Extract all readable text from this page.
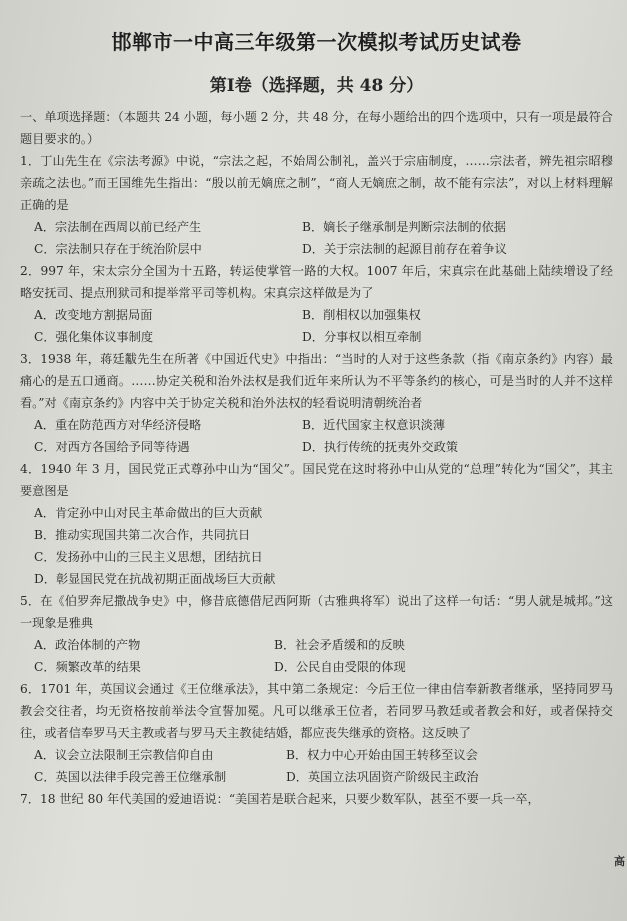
邯郸市一中高三年级第一次模拟考试历史试卷
第Ⅰ卷（选择题，共 48 分）

一、单项选择题：（本题共 24 小题，每小题 2 分，共 48 分，在每小题给出的四个选项中，只有一项是最符合题目要求的。）

1．丁山先生在《宗法考源》中说，“宗法之起，不始周公制礼，盖兴于宗庙制度，……宗法者，辨先祖宗昭穆亲疏之法也。”而王国维先生指出：“殷以前无嫡庶之制”，“商人无嫡庶之制，故不能有宗法”，对以上材料理解正确的是

A．宗法制在西周以前已经产生	B．嫡长子继承制是判断宗法制的依据
C．宗法制只存在于统治阶层中	D．关于宗法制的起源目前存在着争议

2．997 年，宋太宗分全国为十五路，转运使掌管一路的大权。1007 年后，宋真宗在此基础上陆续增设了经略安抚司、提点刑狱司和提举常平司等机构。宋真宗这样做是为了

A．改变地方割据局面	B．削相权以加强集权
C．强化集体议事制度	D．分事权以相互牵制

3．1938 年，蒋廷黻先生在所著《中国近代史》中指出：“当时的人对于这些条款（指《南京条约》内容）最痛心的是五口通商。……协定关税和治外法权是我们近年来所认为不平等条约的核心，可是当时的人并不这样看。”对《南京条约》内容中关于协定关税和治外法权的轻看说明清朝统治者

A．重在防范西方对华经济侵略	B．近代国家主权意识淡薄
C．对西方各国给予同等待遇	D．执行传统的抚夷外交政策

4．1940 年 3 月，国民党正式尊孙中山为“国父”。国民党在这时将孙中山从党的“总理”转化为“国父”，其主要意图是

A．肯定孙中山对民主革命做出的巨大贡献
B．推动实现国共第二次合作，共同抗日
C．发扬孙中山的三民主义思想，团结抗日
D．彰显国民党在抗战初期正面战场巨大贡献

5．在《伯罗奔尼撒战争史》中，修昔底德借尼西阿斯（古雅典将军）说出了这样一句话：“男人就是城邦。”这一现象是雅典

A．政治体制的产物	B．社会矛盾缓和的反映
C．频繁改革的结果	D．公民自由受限的体现

6．1701 年，英国议会通过《王位继承法》，其中第二条规定：今后王位一律由信奉新教者继承，坚持同罗马教会交往者，均无资格按前举法令宣誓加冕。凡可以继承王位者，若同罗马教廷或者教会和好，或者保持交往，或者信奉罗马天主教或者与罗马天主教徒结婚，都应丧失继承的资格。这反映了

A．议会立法限制王宗教信仰自由	B．权力中心开始由国王转移至议会
C．英国以法律手段完善王位继承制	D．英国立法巩固资产阶级民主政治

7．18 世纪 80 年代美国的爱迪语说：“美国若是联合起来，只要少数军队，甚至不要一兵一卒，

高
